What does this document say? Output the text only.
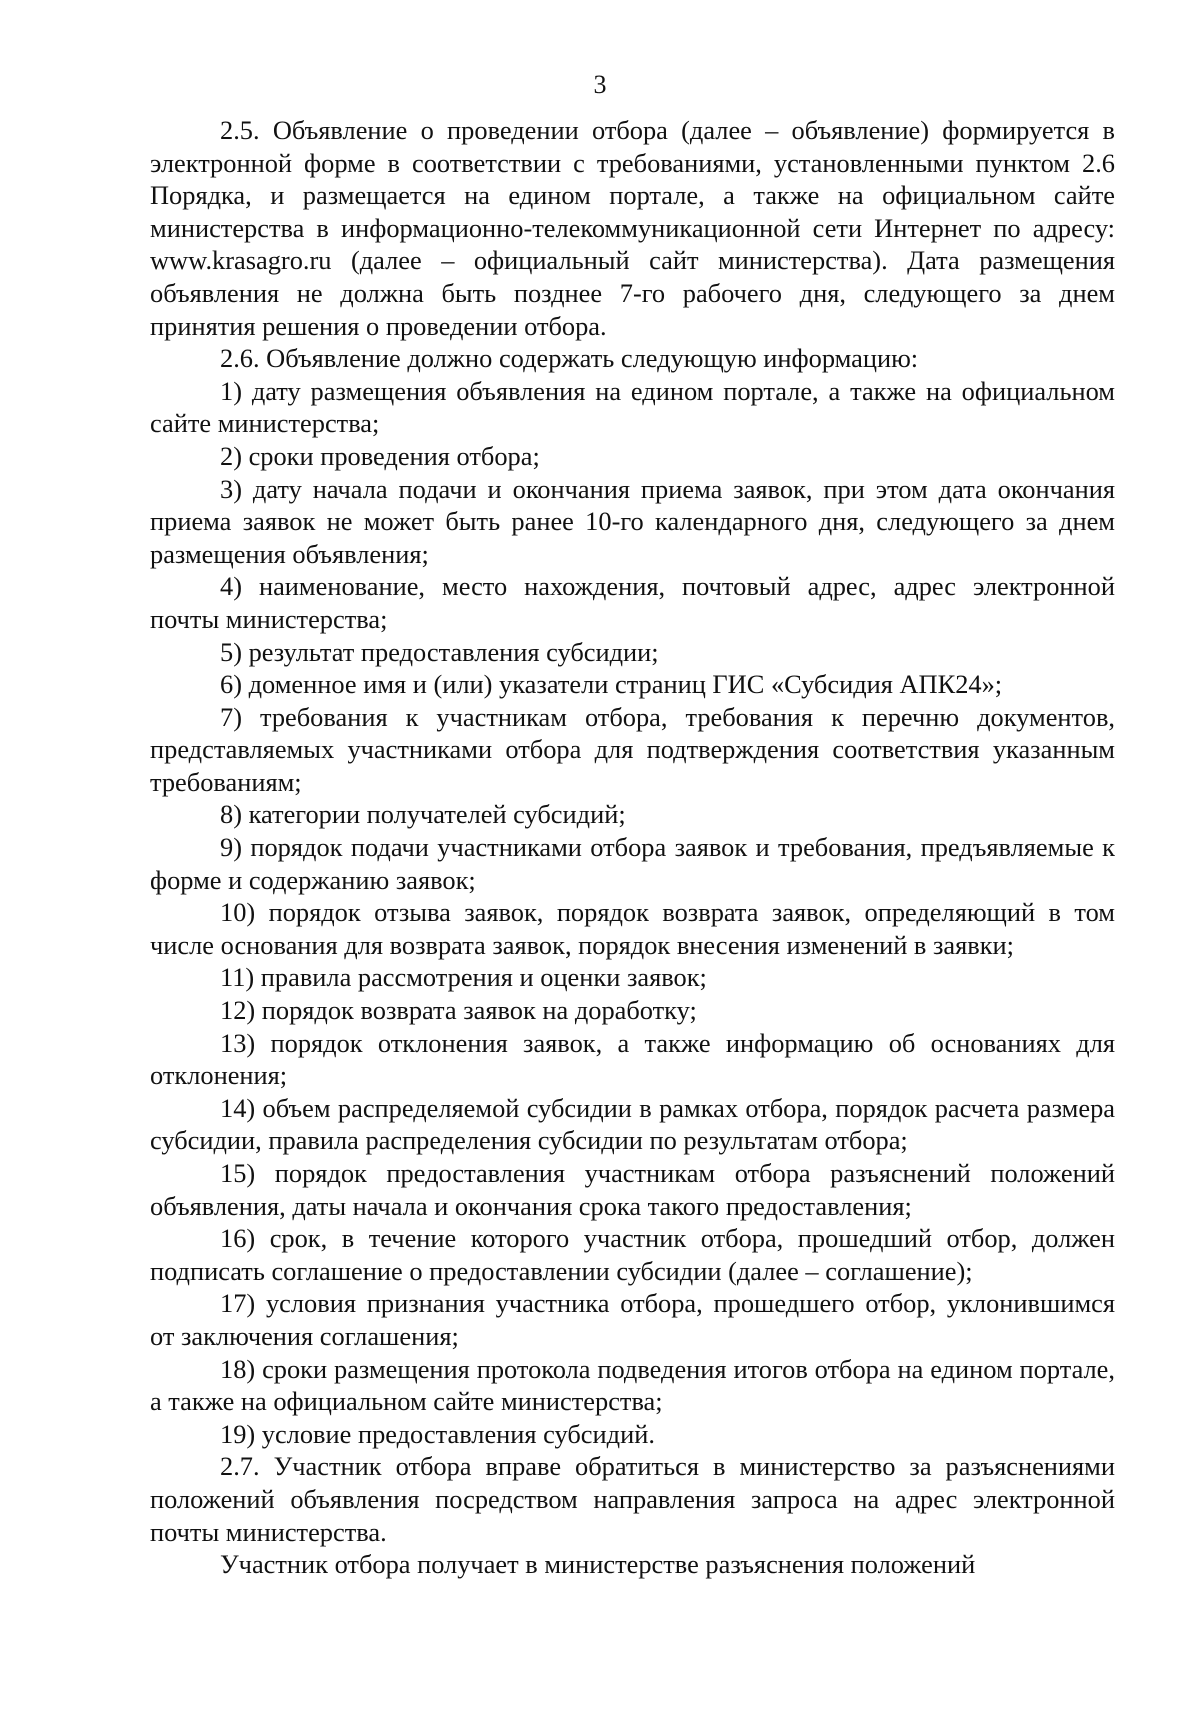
3

2.5. Объявление о проведении отбора (далее – объявление) формируется в электронной форме в соответствии с требованиями, установленными пунктом 2.6 Порядка, и размещается на едином портале, а также на официальном сайте министерства в информационно-телекоммуникационной сети Интернет по адресу: www.krasagro.ru (далее – официальный сайт министерства). Дата размещения объявления не должна быть позднее 7-го рабочего дня, следующего за днем принятия решения о проведении отбора.

2.6. Объявление должно содержать следующую информацию:

1) дату размещения объявления на едином портале, а также на официальном сайте министерства;

2) сроки проведения отбора;

3) дату начала подачи и окончания приема заявок, при этом дата окончания приема заявок не может быть ранее 10-го календарного дня, следующего за днем размещения объявления;

4) наименование, место нахождения, почтовый адрес, адрес электронной почты министерства;

5) результат предоставления субсидии;

6) доменное имя и (или) указатели страниц ГИС «Субсидия АПК24»;

7) требования к участникам отбора, требования к перечню документов, представляемых участниками отбора для подтверждения соответствия указанным требованиям;

8) категории получателей субсидий;

9) порядок подачи участниками отбора заявок и требования, предъявляемые к форме и содержанию заявок;

10) порядок отзыва заявок, порядок возврата заявок, определяющий в том числе основания для возврата заявок, порядок внесения изменений в заявки;

11) правила рассмотрения и оценки заявок;

12) порядок возврата заявок на доработку;

13) порядок отклонения заявок, а также информацию об основаниях для отклонения;

14) объем распределяемой субсидии в рамках отбора, порядок расчета размера субсидии, правила распределения субсидии по результатам отбора;

15) порядок предоставления участникам отбора разъяснений положений объявления, даты начала и окончания срока такого предоставления;

16) срок, в течение которого участник отбора, прошедший отбор, должен подписать соглашение о предоставлении субсидии (далее – соглашение);

17) условия признания участника отбора, прошедшего отбор, уклонившимся от заключения соглашения;

18) сроки размещения протокола подведения итогов отбора на едином портале, а также на официальном сайте министерства;

19) условие предоставления субсидий.

2.7. Участник отбора вправе обратиться в министерство за разъяснениями положений объявления посредством направления запроса на адрес электронной почты министерства.

Участник отбора получает в министерстве разъяснения положений
